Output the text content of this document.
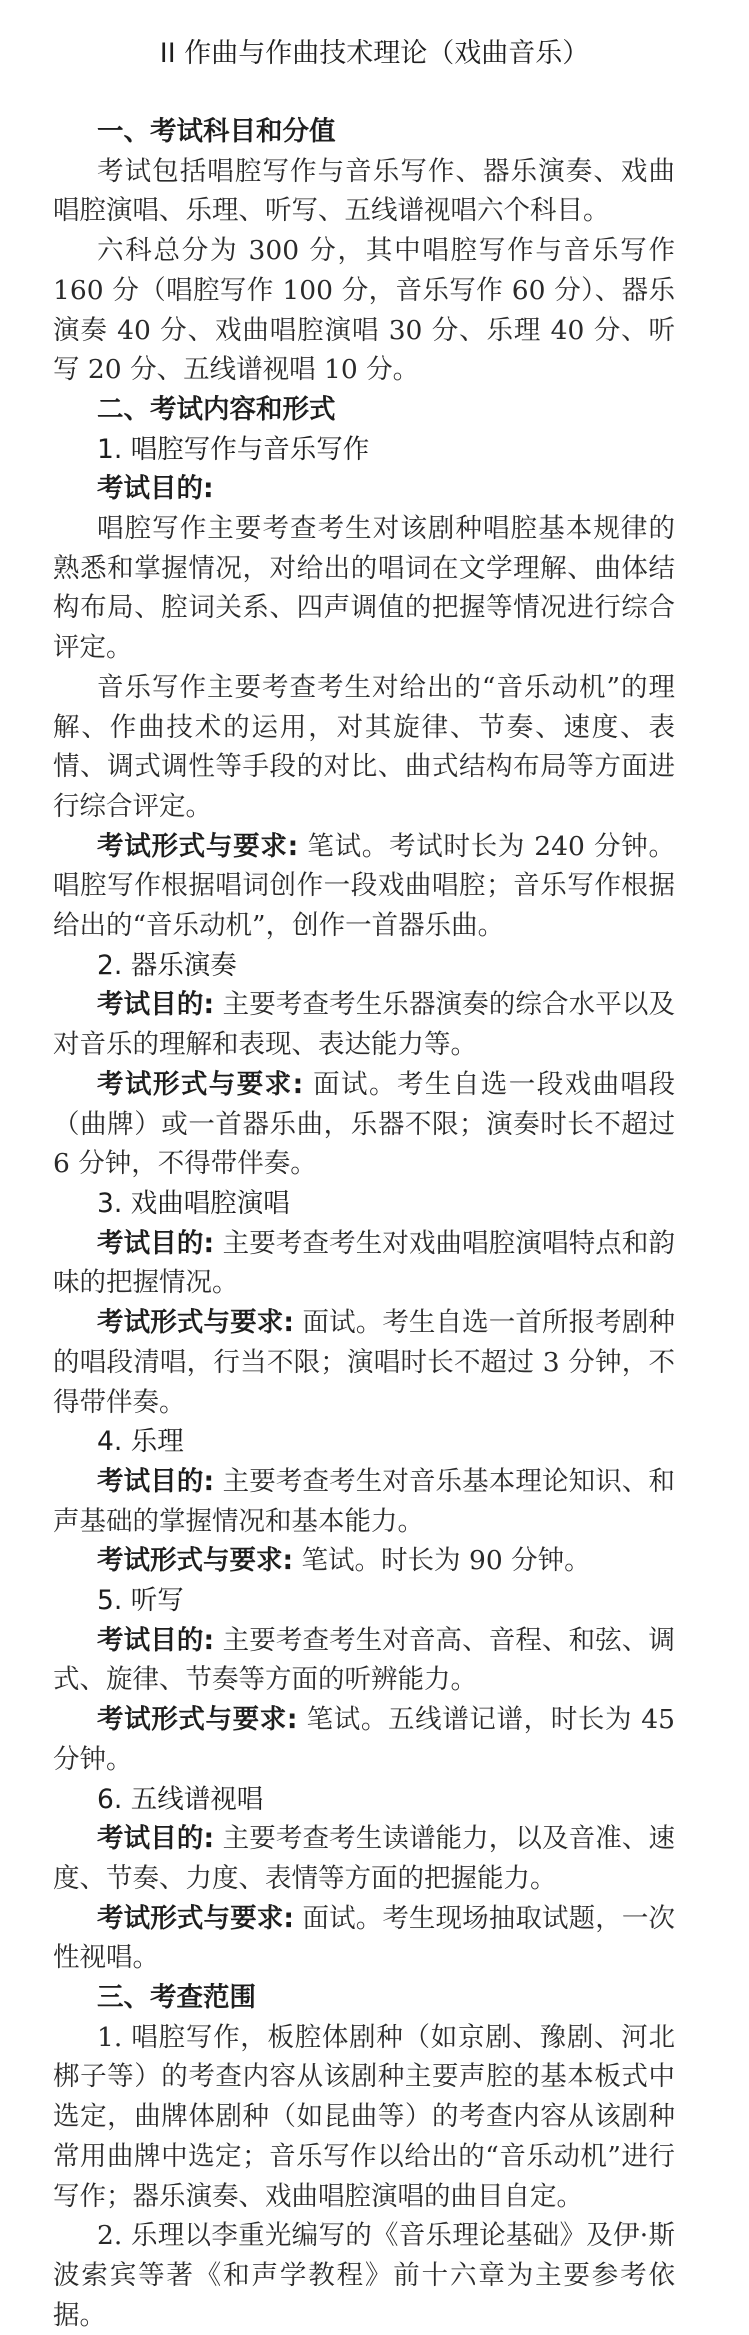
II 作曲与作曲技术理论（戏曲音乐）

一、考试科目和分值

考试包括唱腔写作与音乐写作、器乐演奏、戏曲唱腔演唱、乐理、听写、五线谱视唱六个科目。

六科总分为 300 分，其中唱腔写作与音乐写作 160 分（唱腔写作 100 分，音乐写作 60 分）、器乐演奏 40 分、戏曲唱腔演唱 30 分、乐理 40 分、听写 20 分、五线谱视唱 10 分。

二、考试内容和形式

1. 唱腔写作与音乐写作

考试目的:

唱腔写作主要考查考生对该剧种唱腔基本规律的熟悉和掌握情况，对给出的唱词在文学理解、曲体结构布局、腔词关系、四声调值的把握等情况进行综合评定。

音乐写作主要考查考生对给出的“音乐动机”的理解、作曲技术的运用，对其旋律、节奏、速度、表情、调式调性等手段的对比、曲式结构布局等方面进行综合评定。

考试形式与要求: 笔试。考试时长为 240 分钟。唱腔写作根据唱词创作一段戏曲唱腔；音乐写作根据给出的“音乐动机”，创作一首器乐曲。

2. 器乐演奏

考试目的: 主要考查考生乐器演奏的综合水平以及对音乐的理解和表现、表达能力等。

考试形式与要求: 面试。考生自选一段戏曲唱段（曲牌）或一首器乐曲，乐器不限；演奏时长不超过 6 分钟，不得带伴奏。

3. 戏曲唱腔演唱

考试目的: 主要考查考生对戏曲唱腔演唱特点和韵味的把握情况。

考试形式与要求: 面试。考生自选一首所报考剧种的唱段清唱，行当不限；演唱时长不超过 3 分钟，不得带伴奏。

4. 乐理

考试目的: 主要考查考生对音乐基本理论知识、和声基础的掌握情况和基本能力。

考试形式与要求: 笔试。时长为 90 分钟。

5. 听写

考试目的: 主要考查考生对音高、音程、和弦、调式、旋律、节奏等方面的听辨能力。

考试形式与要求: 笔试。五线谱记谱，时长为 45 分钟。

6. 五线谱视唱

考试目的: 主要考查考生读谱能力，以及音准、速度、节奏、力度、表情等方面的把握能力。

考试形式与要求: 面试。考生现场抽取试题，一次性视唱。

三、考查范围

1. 唱腔写作，板腔体剧种（如京剧、豫剧、河北梆子等）的考查内容从该剧种主要声腔的基本板式中选定，曲牌体剧种（如昆曲等）的考查内容从该剧种常用曲牌中选定；音乐写作以给出的“音乐动机”进行写作；器乐演奏、戏曲唱腔演唱的曲目自定。

2. 乐理以李重光编写的《音乐理论基础》及伊·斯波索宾等著《和声学教程》前十六章为主要参考依据。
